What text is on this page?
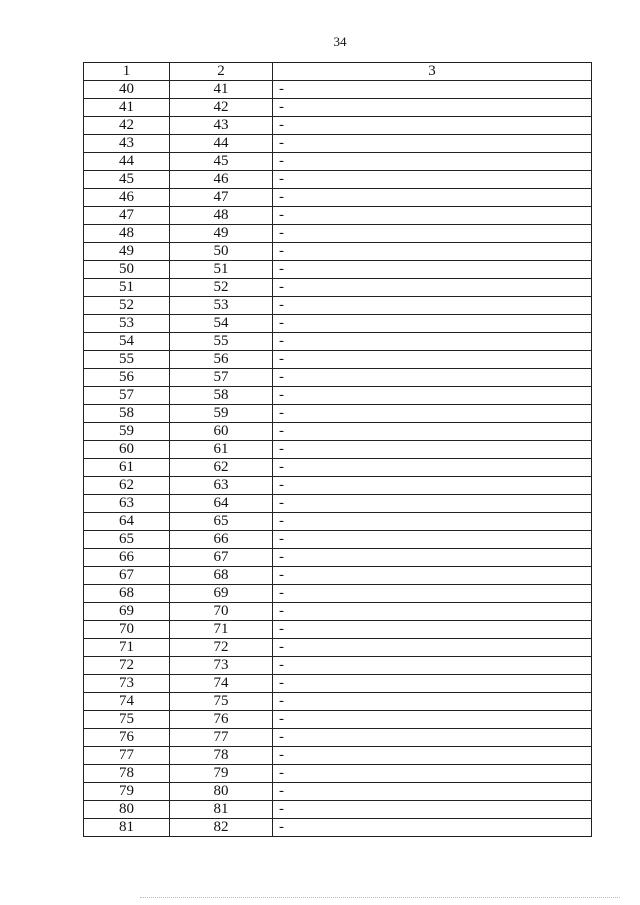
34
1	2	3
40	41	-
41	42	-
42	43	-
43	44	-
44	45	-
45	46	-
46	47	-
47	48	-
48	49	-
49	50	-
50	51	-
51	52	-
52	53	-
53	54	-
54	55	-
55	56	-
56	57	-
57	58	-
58	59	-
59	60	-
60	61	-
61	62	-
62	63	-
63	64	-
64	65	-
65	66	-
66	67	-
67	68	-
68	69	-
69	70	-
70	71	-
71	72	-
72	73	-
73	74	-
74	75	-
75	76	-
76	77	-
77	78	-
78	79	-
79	80	-
80	81	-
81	82	-
